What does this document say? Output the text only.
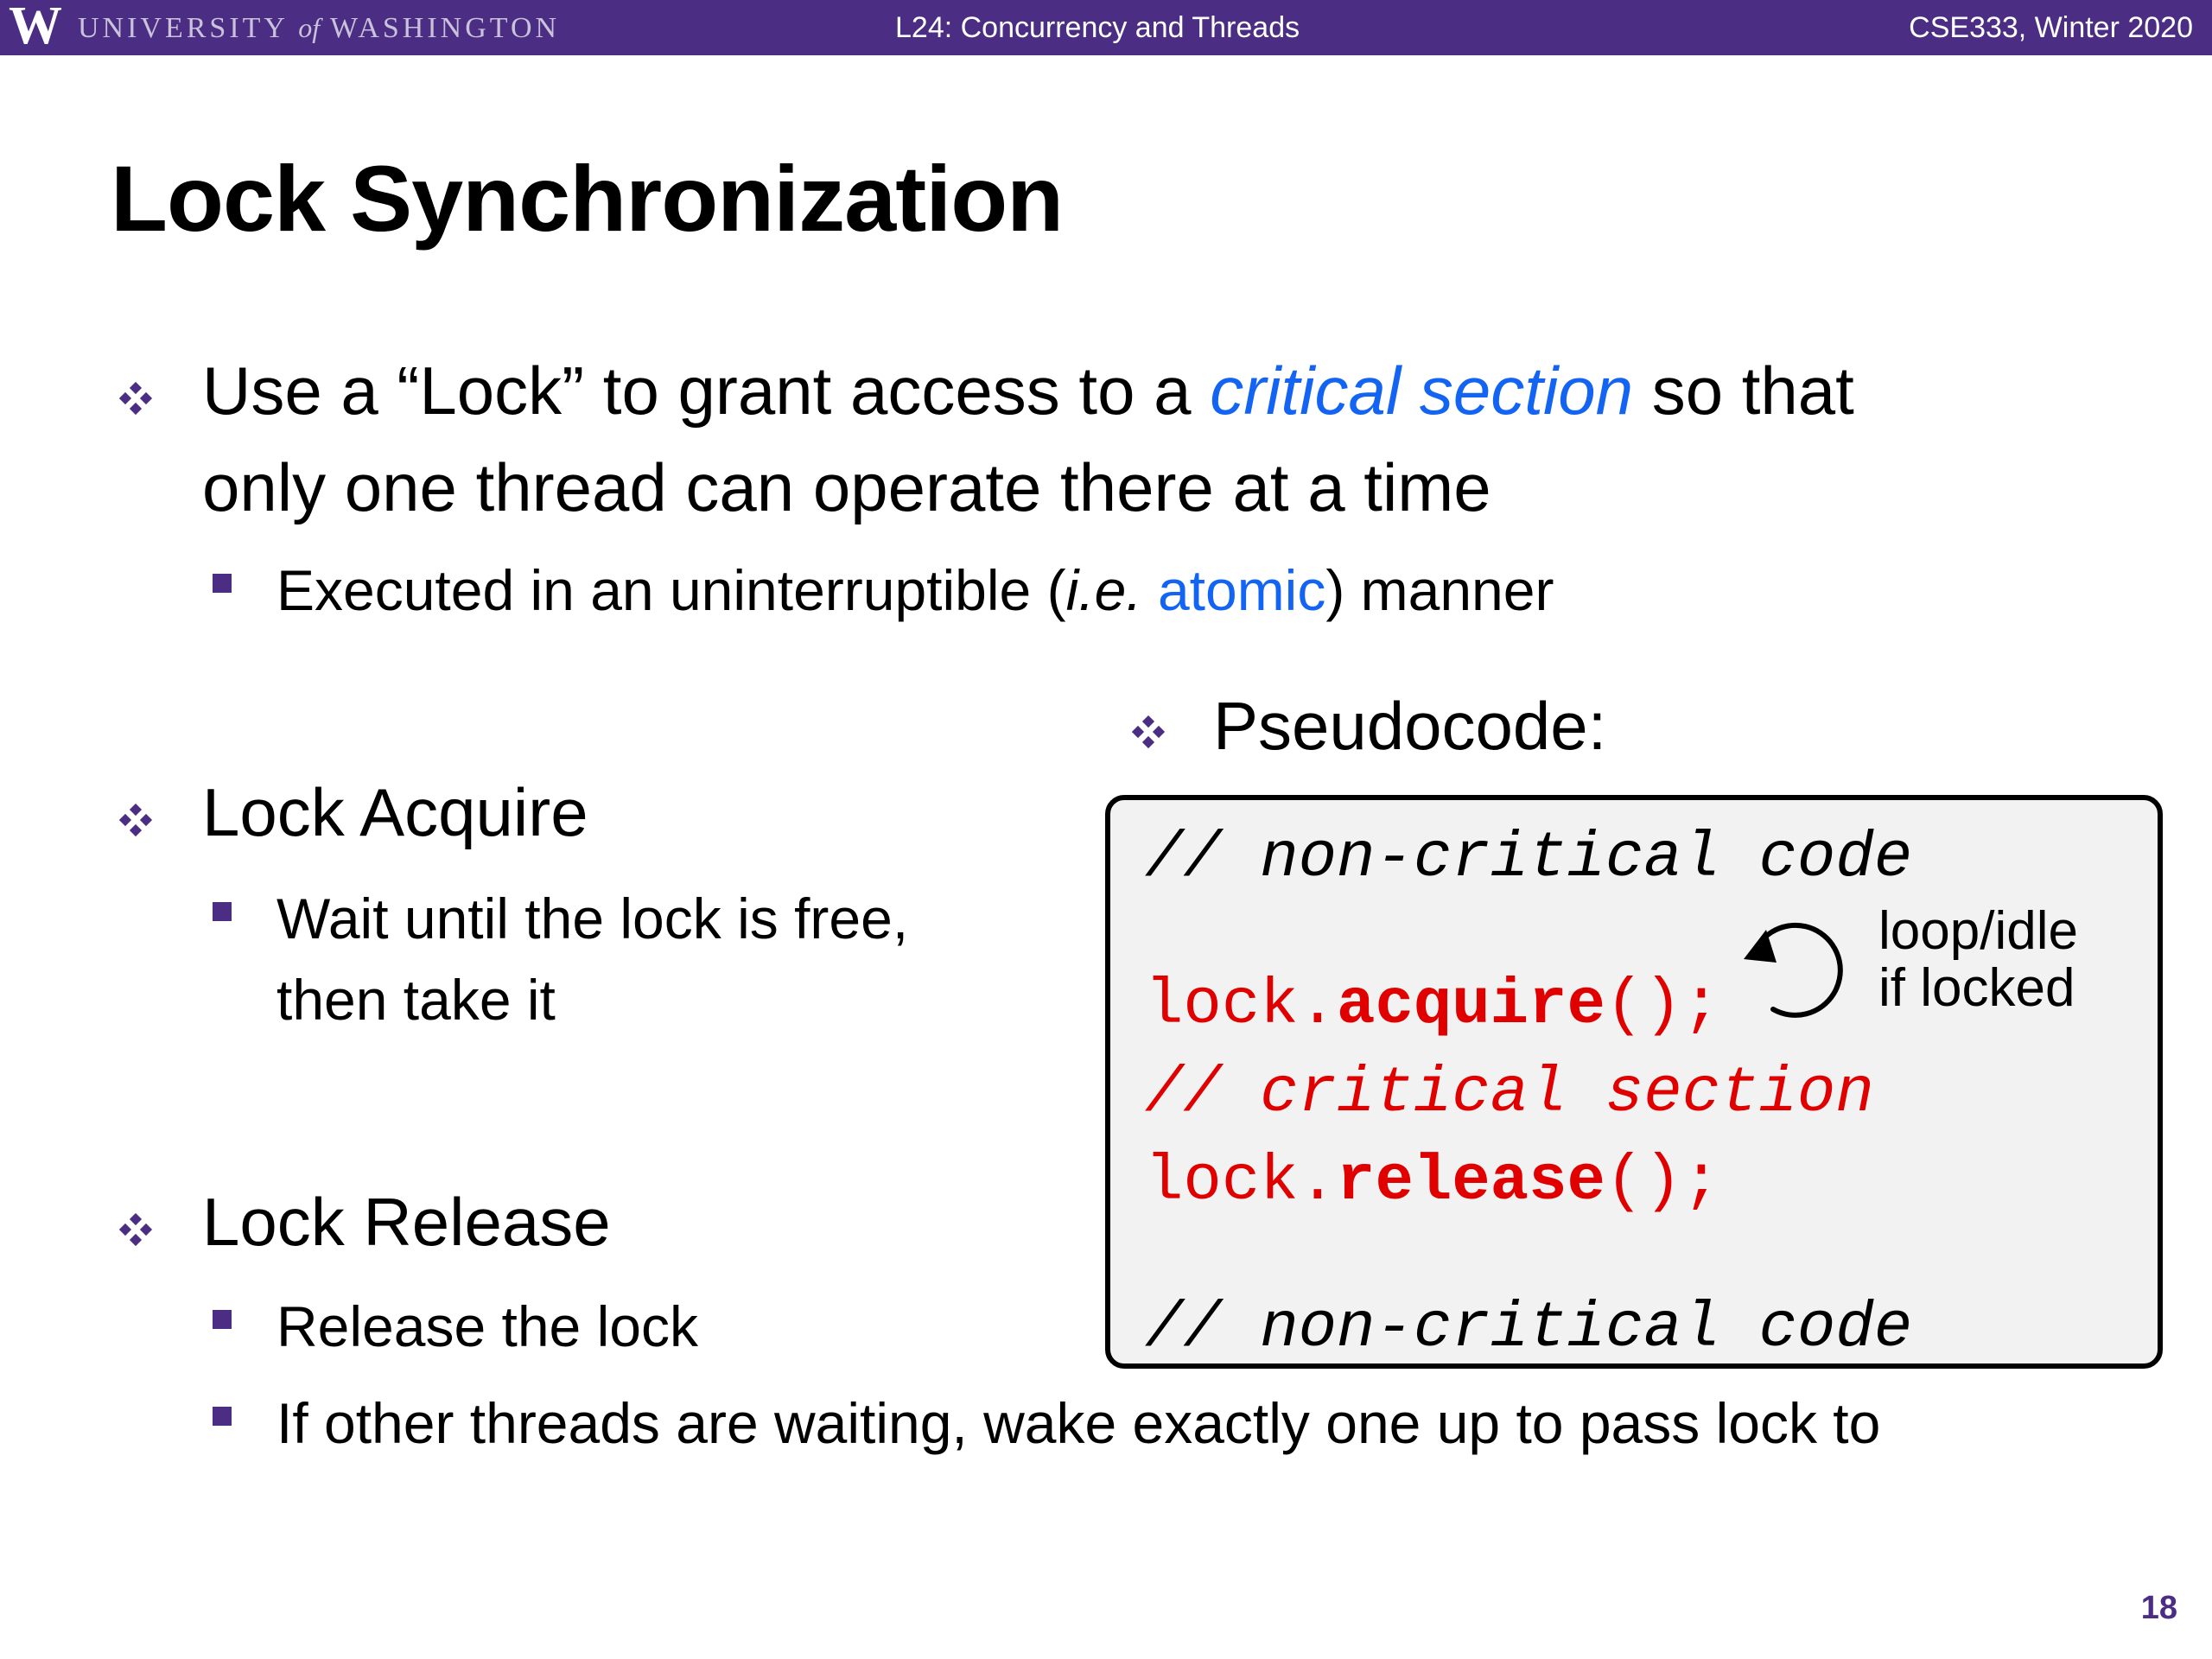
W UNIVERSITY of WASHINGTON	L24: Concurrency and Threads	CSE333, Winter 2020
Lock Synchronization
Use a “Lock” to grant access to a critical section so that
only one thread can operate there at a time
Executed in an uninterruptible (i.e. atomic) manner
Pseudocode:
Lock Acquire
Wait until the lock is free,
then take it
Lock Release
Release the lock
If other threads are waiting, wake exactly one up to pass lock to
// non-critical code
lock.acquire();
// critical section
lock.release();
// non-critical code
loop/idle
if locked
18
